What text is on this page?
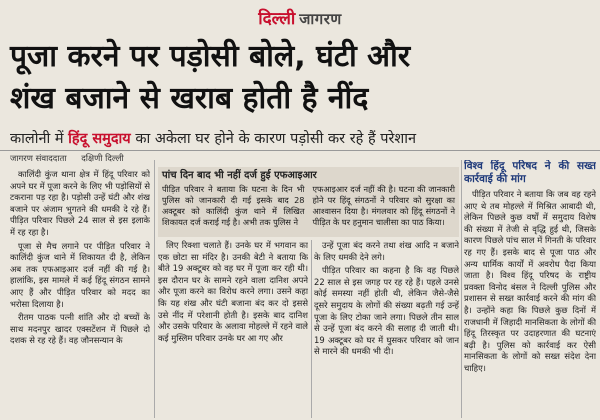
दिल्ली जागरण
पूजा करने पर पड़ोसी बोले, घंटी और
शंख बजाने से खराब होती है नींद
कालोनी में हिंदू समुदाय का अकेला घर होने के कारण पड़ोसी कर रहे हैं परेशान
जागरण संवाददाता दक्षिणी दिल्ली

कालिंदी कुंज थाना क्षेत्र में हिंदू परिवार को अपने घर में पूजा करने के लिए भी पड़ोसियों से टकराना पड़ रहा है। पड़ोसी उन्हें घंटी और शंख बजाने पर अंजाम भुगतने की धमकी दे रहे हैं। पीड़ित परिवार पिछले 24 साल से इस इलाके में रह रहा है।

पूजा से मैच लगाने पर पीड़ित परिवार ने कालिंदी कुंज थाने में शिकायत दी है, लेकिन अब तक एफआइआर दर्ज नहीं की गई है। हालांकि, इस मामले में कई हिंदू संगठन सामने आए हैं और पीड़ित परिवार को मदद का भरोसा दिलाया है।

रीतम पाठक पत्नी शांति और दो बच्चों के साथ मदनपुर खादर एक्सटेंशन में पिछले दो दशक से रह रहे हैं। वह जौनसन्यान के

पांच दिन बाद भी नहीं दर्ज हुई एफआइआर
पीड़ित परिवार ने बताया कि घटना के दिन भी पुलिस को जानकारी दी गई इसके बाद 28 अक्टूबर को कालिंदी कुंज थाने में लिखित शिकायत दर्ज कराई गई है। अभी तक पुलिस ने
एफआइआर दर्ज नहीं की है। घटना की जानकारी होने पर हिंदू संगठनों ने परिवार को सुरक्षा का आश्वासन दिया है। मंगलवार को हिंदू संगठनों ने पीड़ित के घर हनुमान चालीसा का पाठ किया।

लिए रिक्शा चलाते हैं। उनके घर में भगवान का एक छोटा सा मंदिर है। उनकी बेटी ने बताया कि बीते 19 अक्टूबर को वह घर में पूजा कर रही थी। इस दौरान घर के सामने रहने वाला दानिश अपने और पूजा करने का विरोध करने लगा। उसने कहा कि यह शंख और घंटी बजाना बंद कर दो इससे उसे नींद में परेशानी होती है। इसके बाद दानिश और उसके परिवार के अलावा मोहल्ले में रहने वाले कई मुस्लिम परिवार उनके घर आ गए और

उन्हें पूजा बंद करने तथा शंख आदि न बजाने के लिए धमकी देने लगे।

पीड़ित परिवार का कहना है कि वह पिछले 22 साल से इस जगह पर रह रहे हैं। पहले उनसे कोई समस्या नहीं होती थी, लेकिन जैसे-जैसे दूसरे समुदाय के लोगों की संख्या बढ़ती गई उन्हें पूजा के लिए टोका जाने लगा। पिछले तीन साल से उन्हें पूजा बंद करने की सलाह दी जाती थी। 19 अक्टूबर को घर में घुसकर परिवार को जान से मारने की धमकी भी दी।

विश्व हिंदू परिषद ने की सख्त कार्रवाई की मांग

पीड़ित परिवार ने बताया कि जब वह रहने आए थे तब मोहल्ले में मिश्रित आबादी थी, लेकिन पिछले कुछ वर्षों में समुदाय विशेष की संख्या में तेजी से वृद्धि हुई थी, जिसके कारण पिछले पांच साल में गिनती के परिवार रह गए हैं। इसके बाद से पूजा पाठ और अन्य धार्मिक कार्यों में अवरोध पैदा किया जाता है। विश्व हिंदू परिषद के राष्ट्रीय प्रवक्ता विनोद बंसल ने दिल्ली पुलिस और प्रशासन से सख्त कार्रवाई करने की मांग की है। उन्होंने कहा कि पिछले कुछ दिनों में राजधानी में जिहादी मानसिकता के लोगों की हिंदू तिरस्कृत पर उदाहरणात की घटनाएं बढ़ी है। पुलिस को कार्रवाई कर ऐसी मानसिकता के लोगों को सख्त संदेश देना चाहिए।
